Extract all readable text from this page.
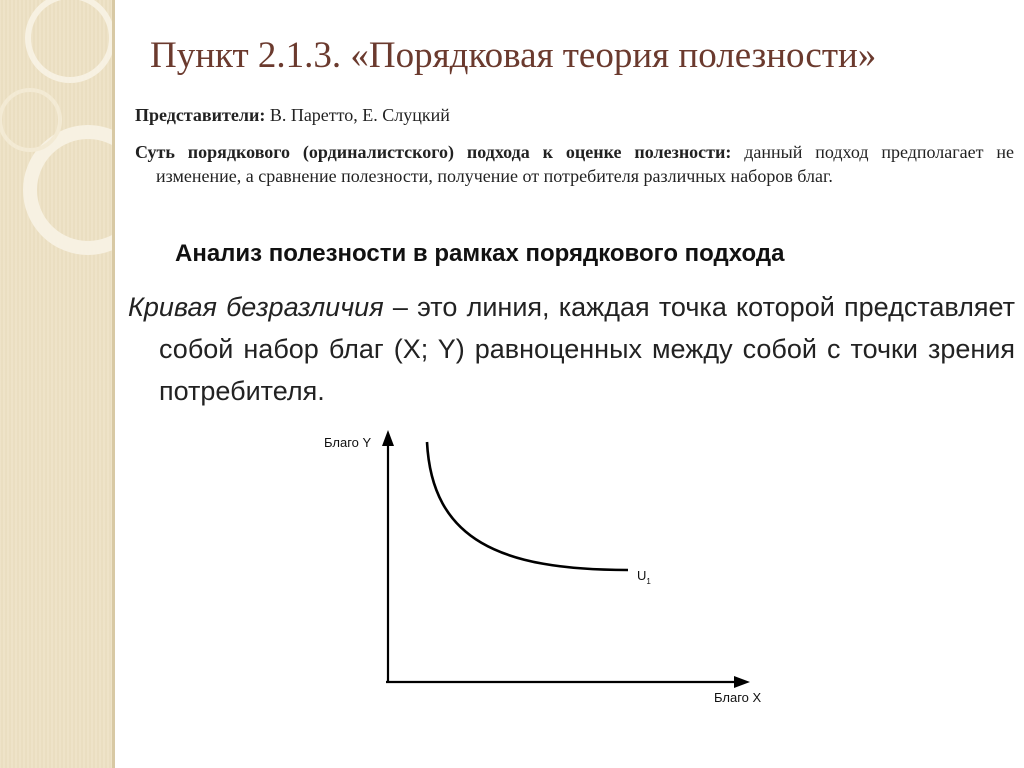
Пункт 2.1.3. «Порядковая теория полезности»
Представители: В. Паретто, Е. Слуцкий
Суть порядкового (ординалистского) подхода к оценке полезности: данный подход предполагает не изменение, а сравнение полезности, получение от потребителя различных наборов благ.
Анализ полезности в рамках порядкового подхода
Кривая безразличия – это линия, каждая точка которой представляет собой набор благ (X; Y) равноценных между собой с точки зрения потребителя.
Благо Y
Благо X
$U_1$
